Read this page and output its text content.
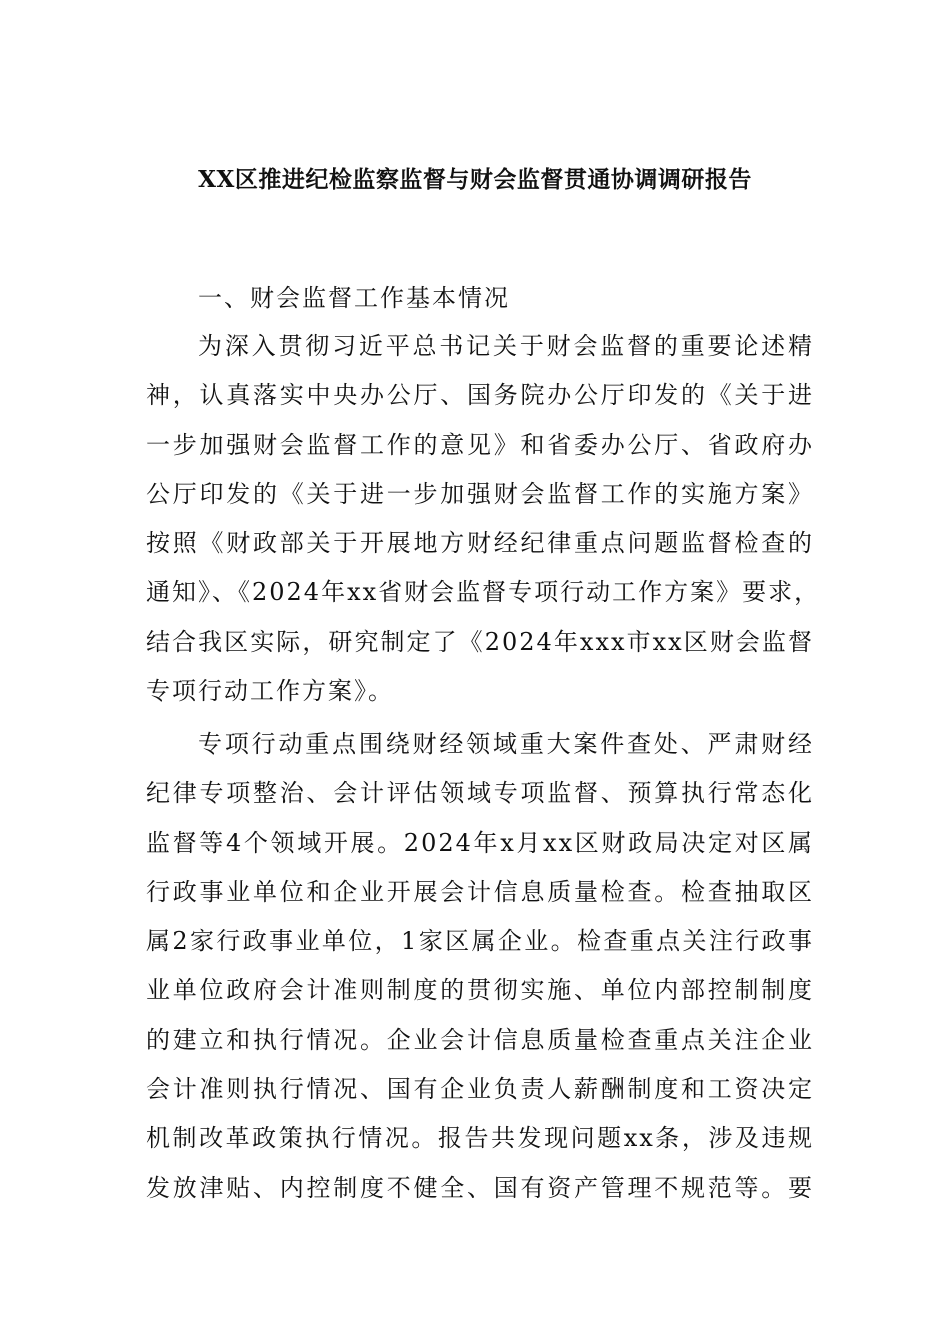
XX区推进纪检监察监督与财会监督贯通协调调研报告
一、财会监督工作基本情况
为深入贯彻习近平总书记关于财会监督的重要论述精
神，认真落实中央办公厅、国务院办公厅印发的《关于进
一步加强财会监督工作的意见》和省委办公厅、省政府办
公厅印发的《关于进一步加强财会监督工作的实施方案》
按照《财政部关于开展地方财经纪律重点问题监督检查的
通知》、《2024年xx省财会监督专项行动工作方案》要求，
结合我区实际，研究制定了《2024年xxx市xx区财会监督
专项行动工作方案》。
专项行动重点围绕财经领域重大案件查处、严肃财经
纪律专项整治、会计评估领域专项监督、预算执行常态化
监督等4个领域开展。2024年x月xx区财政局决定对区属
行政事业单位和企业开展会计信息质量检查。检查抽取区
属2家行政事业单位，1家区属企业。检查重点关注行政事
业单位政府会计准则制度的贯彻实施、单位内部控制制度
的建立和执行情况。企业会计信息质量检查重点关注企业
会计准则执行情况、国有企业负责人薪酬制度和工资决定
机制改革政策执行情况。报告共发现问题xx条，涉及违规
发放津贴、内控制度不健全、国有资产管理不规范等。要
